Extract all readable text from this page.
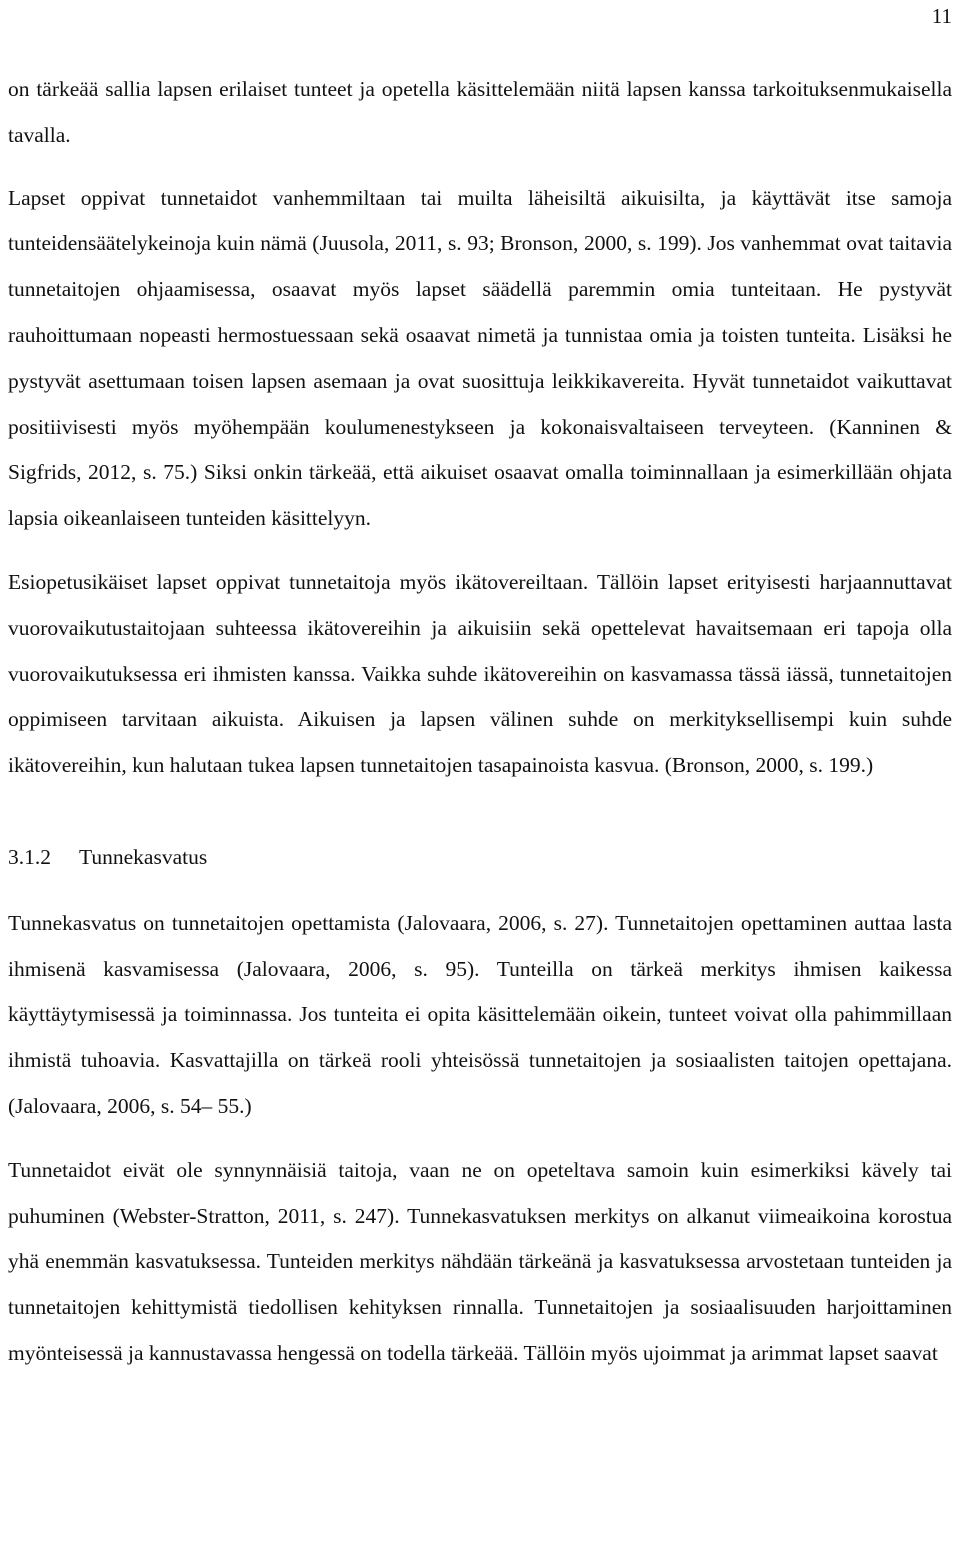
11

on tärkeää sallia lapsen erilaiset tunteet ja opetella käsittelemään niitä lapsen kanssa tarkoituksenmukaisella tavalla.

Lapset oppivat tunnetaidot vanhemmiltaan tai muilta läheisiltä aikuisilta, ja käyttävät itse samoja tunteidensäätelykeinoja kuin nämä (Juusola, 2011, s. 93; Bronson, 2000, s. 199). Jos vanhemmat ovat taitavia tunnetaitojen ohjaamisessa, osaavat myös lapset säädellä paremmin omia tunteitaan. He pystyvät rauhoittumaan nopeasti hermostuessaan sekä osaavat nimetä ja tunnistaa omia ja toisten tunteita. Lisäksi he pystyvät asettumaan toisen lapsen asemaan ja ovat suosittuja leikkikavereita. Hyvät tunnetaidot vaikuttavat positiivisesti myös myöhempään koulumenestykseen ja kokonaisvaltaiseen terveyteen. (Kanninen & Sigfrids, 2012, s. 75.) Siksi onkin tärkeää, että aikuiset osaavat omalla toiminnallaan ja esimerkillään ohjata lapsia oikeanlaiseen tunteiden käsittelyyn.

Esiopetusikäiset lapset oppivat tunnetaitoja myös ikätovereiltaan. Tällöin lapset erityisesti harjaannuttavat vuorovaikutustaitojaan suhteessa ikätovereihin ja aikuisiin sekä opettelevat havaitsemaan eri tapoja olla vuorovaikutuksessa eri ihmisten kanssa. Vaikka suhde ikätovereihin on kasvamassa tässä iässä, tunnetaitojen oppimiseen tarvitaan aikuista. Aikuisen ja lapsen välinen suhde on merkityksellisempi kuin suhde ikätovereihin, kun halutaan tukea lapsen tunnetaitojen tasapainoista kasvua. (Bronson, 2000, s. 199.)

3.1.2 Tunnekasvatus

Tunnekasvatus on tunnetaitojen opettamista (Jalovaara, 2006, s. 27). Tunnetaitojen opettaminen auttaa lasta ihmisenä kasvamisessa (Jalovaara, 2006, s. 95). Tunteilla on tärkeä merkitys ihmisen kaikessa käyttäytymisessä ja toiminnassa. Jos tunteita ei opita käsittelemään oikein, tunteet voivat olla pahimmillaan ihmistä tuhoavia. Kasvattajilla on tärkeä rooli yhteisössä tunnetaitojen ja sosiaalisten taitojen opettajana. (Jalovaara, 2006, s. 54– 55.)

Tunnetaidot eivät ole synnynnäisiä taitoja, vaan ne on opeteltava samoin kuin esimerkiksi kävely tai puhuminen (Webster-Stratton, 2011, s. 247). Tunnekasvatuksen merkitys on alkanut viimeaikoina korostua yhä enemmän kasvatuksessa. Tunteiden merkitys nähdään tärkeänä ja kasvatuksessa arvostetaan tunteiden ja tunnetaitojen kehittymistä tiedollisen kehityksen rinnalla. Tunnetaitojen ja sosiaalisuuden harjoittaminen myönteisessä ja kannustavassa hengessä on todella tärkeää. Tällöin myös ujoimmat ja arimmat lapset saavat
